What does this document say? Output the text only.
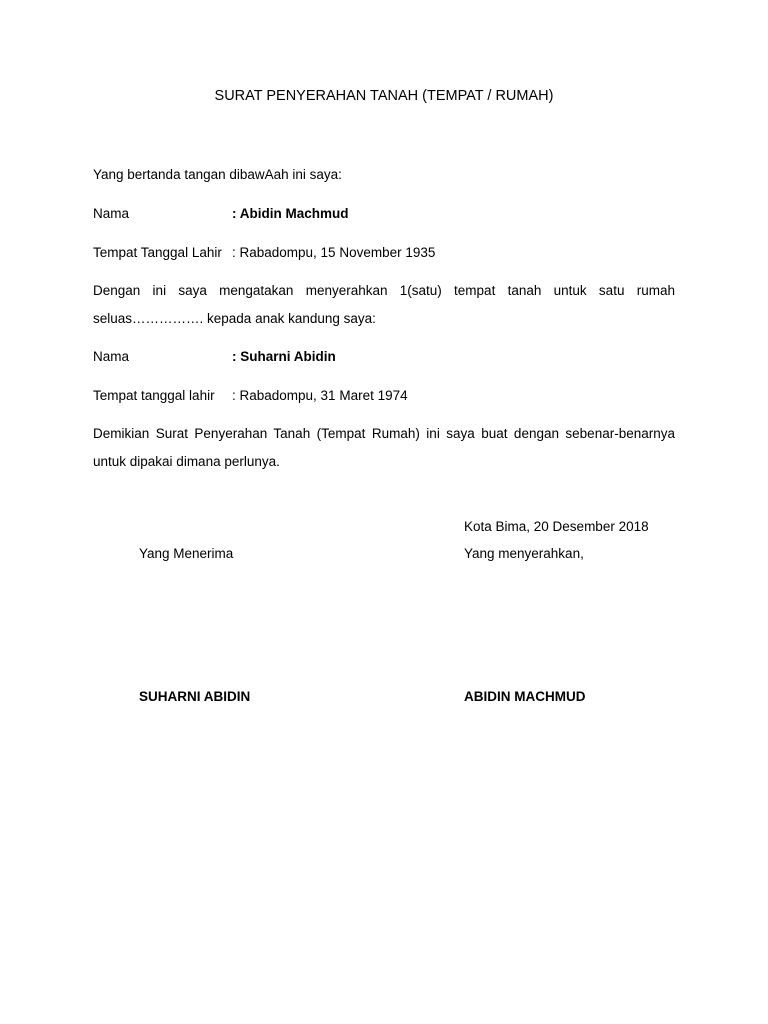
SURAT PENYERAHAN TANAH (TEMPAT / RUMAH)
Yang bertanda tangan dibawAah ini saya:
Nama	: Abidin Machmud
Tempat Tanggal Lahir : Rabadompu, 15 November 1935
Dengan ini saya mengatakan menyerahkan 1(satu) tempat tanah untuk satu rumah seluas……………. kepada anak kandung saya:
Nama	: Suharni Abidin
Tempat tanggal lahir : Rabadompu, 31 Maret 1974
Demikian Surat Penyerahan Tanah (Tempat Rumah) ini saya buat dengan sebenar-benarnya untuk dipakai dimana perlunya.
Kota Bima, 20 Desember 2018
Yang Menerima	Yang menyerahkan,
SUHARNI ABIDIN	ABIDIN MACHMUD
